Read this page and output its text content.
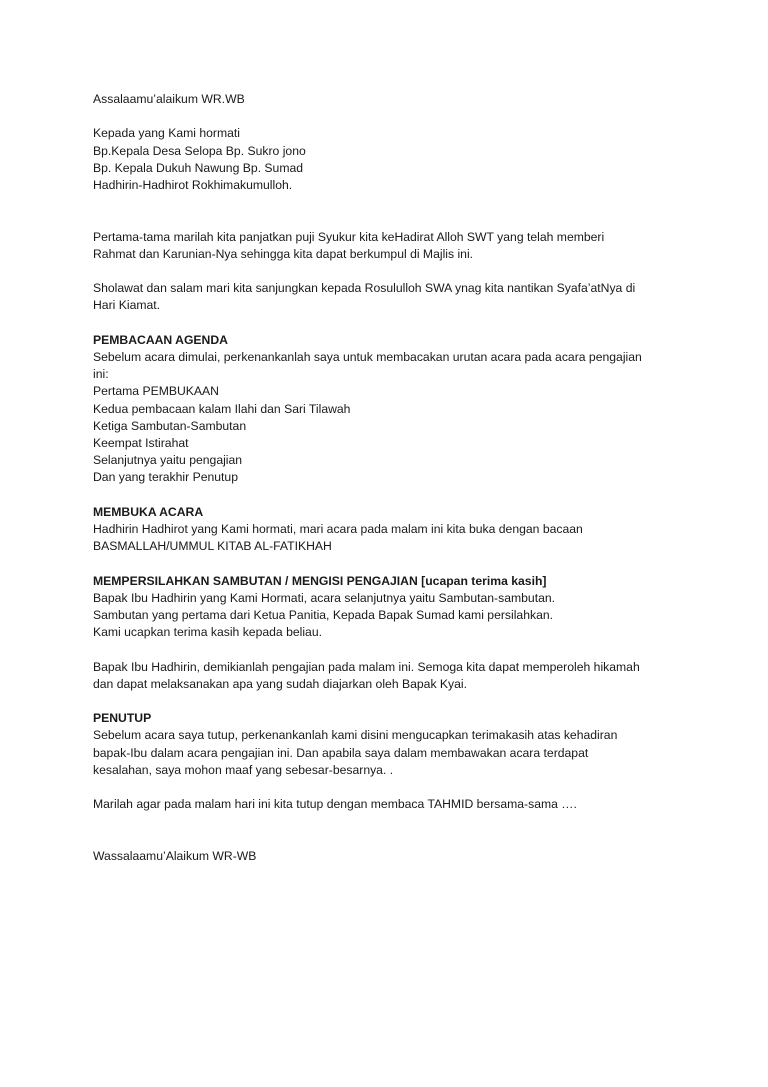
Assalaamu’alaikum WR.WB
Kepada yang Kami hormati
Bp.Kepala Desa Selopa Bp. Sukro jono
Bp. Kepala Dukuh Nawung Bp. Sumad
Hadhirin-Hadhirot Rokhimakumulloh.
Pertama-tama marilah kita panjatkan puji Syukur kita keHadirat Alloh SWT yang telah memberi
Rahmat dan Karunian-Nya sehingga kita dapat berkumpul di Majlis ini.
Sholawat dan salam mari kita sanjungkan kepada Rosululloh SWA ynag kita nantikan Syafa’atNya di
Hari Kiamat.
PEMBACAAN AGENDA
Sebelum acara dimulai, perkenankanlah saya untuk membacakan urutan acara pada acara pengajian
ini:
Pertama PEMBUKAAN
Kedua pembacaan kalam Ilahi dan Sari Tilawah
Ketiga Sambutan-Sambutan
Keempat Istirahat
Selanjutnya yaitu pengajian
Dan yang terakhir Penutup
MEMBUKA ACARA
Hadhirin Hadhirot yang Kami hormati, mari acara pada malam ini kita buka dengan bacaan
BASMALLAH/UMMUL KITAB AL-FATIKHAH
MEMPERSILAHKAN SAMBUTAN / MENGISI PENGAJIAN [ucapan terima kasih]
Bapak Ibu Hadhirin yang Kami Hormati, acara selanjutnya yaitu Sambutan-sambutan.
Sambutan yang pertama dari Ketua Panitia, Kepada Bapak Sumad kami persilahkan.
Kami ucapkan terima kasih kepada beliau.
Bapak Ibu Hadhirin, demikianlah pengajian pada malam ini. Semoga kita dapat memperoleh hikamah
dan dapat melaksanakan apa yang sudah diajarkan oleh Bapak Kyai.
PENUTUP
Sebelum acara saya tutup, perkenankanlah kami disini mengucapkan terimakasih atas kehadiran
bapak-Ibu dalam acara pengajian ini. Dan apabila saya dalam membawakan acara terdapat
kesalahan, saya mohon maaf yang sebesar-besarnya. .
Marilah agar pada malam hari ini kita tutup dengan membaca TAHMID bersama-sama ….
Wassalaamu’Alaikum WR-WB
